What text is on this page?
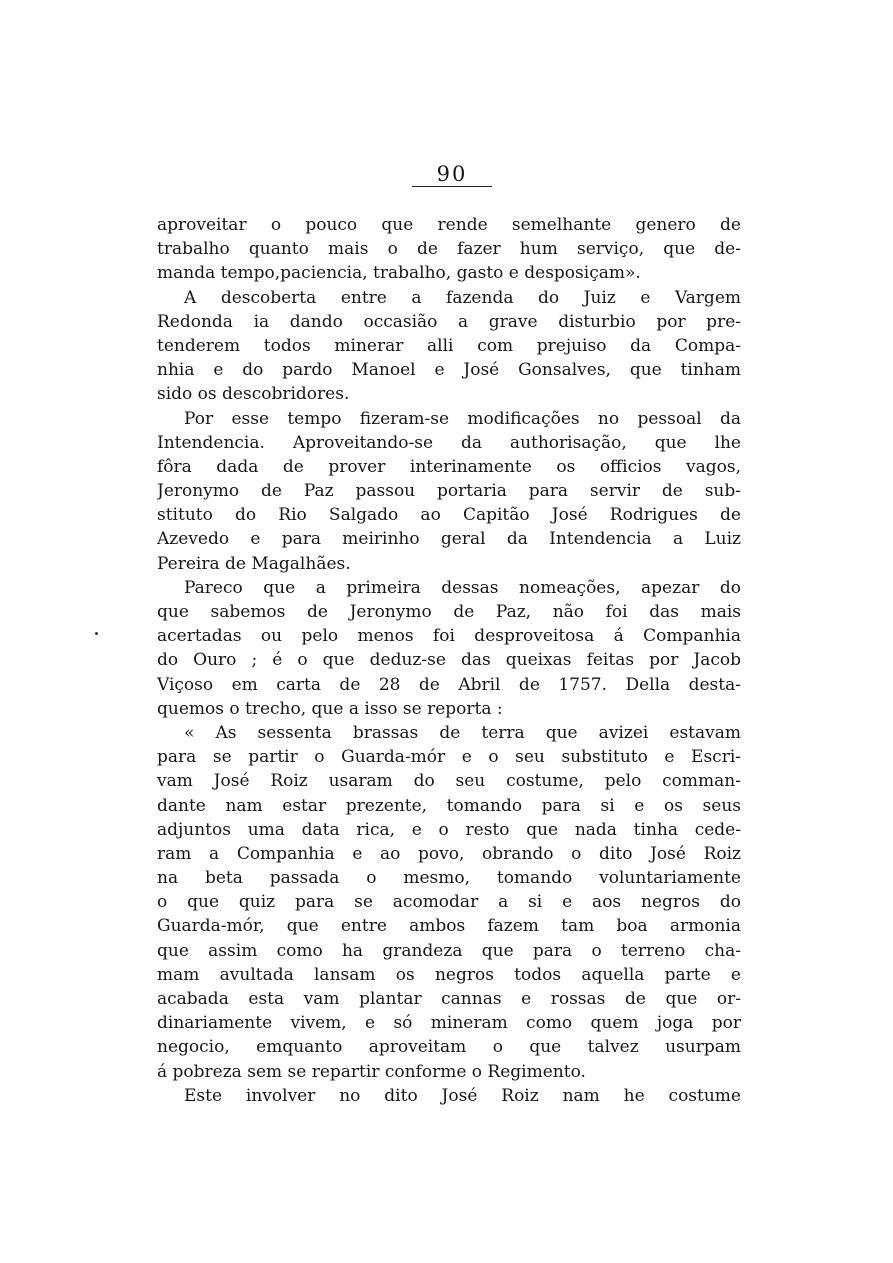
90
aproveitar o pouco que rende semelhante genero de
trabalho quanto mais o de fazer hum serviço, que de-
manda tempo,paciencia, trabalho, gasto e desposiçam».
A descoberta entre a fazenda do Juiz e Vargem
Redonda ia dando occasião a grave disturbio por pre-
tenderem todos minerar alli com prejuiso da Compa-
nhia e do pardo Manoel e José Gonsalves, que tinham
sido os descobridores.
Por esse tempo fizeram-se modificações no pessoal da
Intendencia. Aproveitando-se da authorisação, que lhe
fôra dada de prover interinamente os officios vagos,
Jeronymo de Paz passou portaria para servir de sub-
stituto do Rio Salgado ao Capitão José Rodrigues de
Azevedo e para meirinho geral da Intendencia a Luiz
Pereira de Magalhães.
Pareco que a primeira dessas nomeações, apezar do
que sabemos de Jeronymo de Paz, não foi das mais
acertadas ou pelo menos foi desproveitosa á Companhia
do Ouro ; é o que deduz-se das queixas feitas por Jacob
Viçoso em carta de 28 de Abril de 1757. Della desta-
quemos o trecho, que a isso se reporta :
« As sessenta brassas de terra que avizei estavam
para se partir o Guarda-mór e o seu substituto e Escri-
vam José Roiz usaram do seu costume, pelo comman-
dante nam estar prezente, tomando para si e os seus
adjuntos uma data rica, e o resto que nada tinha cede-
ram a Companhia e ao povo, obrando o dito José Roiz
na beta passada o mesmo, tomando voluntariamente
o que quiz para se acomodar a si e aos negros do
Guarda-mór, que entre ambos fazem tam boa armonia
que assim como ha grandeza que para o terreno cha-
mam avultada lansam os negros todos aquella parte e
acabada esta vam plantar cannas e rossas de que or-
dinariamente vivem, e só mineram como quem joga por
negocio, emquanto aproveitam o que talvez usurpam
á pobreza sem se repartir conforme o Regimento.
Este involver no dito José Roiz nam he costume
